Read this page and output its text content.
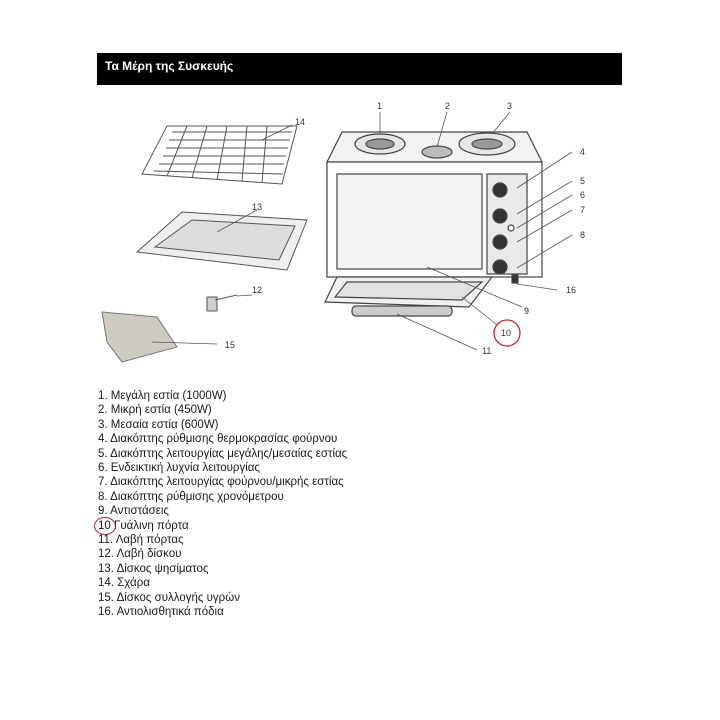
Τα Μέρη της Συσκευής
1	2	3
4
5
6
7
8
9
10
11
12
13
14
15
16
1. Μεγάλη εστία (1000W)
2. Μικρή εστία (450W)
3. Μεσαία εστία (600W)
4. Διακόπτης ρύθμισης θερμοκρασίας φούρνου
5. Διακόπτης λειτουργίας μεγάλης/μεσαίας εστίας
6. Ενδεικτική λυχνία λειτουργίας
7. Διακόπτης λειτουργίας φούρνου/μικρής εστίας
8. Διακόπτης ρύθμισης χρονόμετρου
9. Αντιστάσεις
10 Γυάλινη πόρτα
11. Λαβή πόρτας
12. Λαβή δίσκου
13. Δίσκος ψησίματος
14. Σχάρα
15. Δίσκος συλλογής υγρών
16. Αντιολισθητικά πόδια
